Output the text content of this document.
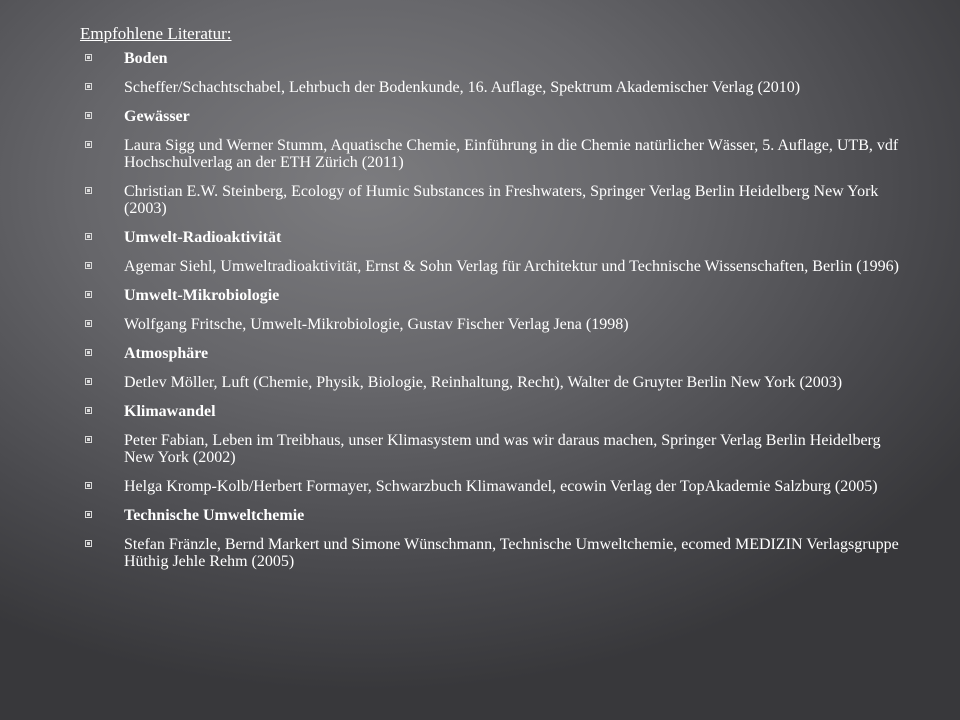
Empfohlene Literatur:
Boden
Scheffer/Schachtschabel, Lehrbuch der Bodenkunde, 16. Auflage, Spektrum Akademischer Verlag (2010)
Gewässer
Laura Sigg und Werner Stumm, Aquatische Chemie, Einführung in die Chemie natürlicher Wässer, 5. Auflage, UTB, vdf Hochschulverlag an der ETH Zürich (2011)
Christian E.W. Steinberg, Ecology of Humic Substances in Freshwaters, Springer Verlag Berlin Heidelberg New York (2003)
Umwelt-Radioaktivität
Agemar Siehl, Umweltradioaktivität, Ernst & Sohn Verlag für Architektur und Technische Wissenschaften, Berlin (1996)
Umwelt-Mikrobiologie
Wolfgang Fritsche, Umwelt-Mikrobiologie, Gustav Fischer Verlag Jena (1998)
Atmosphäre
Detlev Möller, Luft (Chemie, Physik, Biologie, Reinhaltung, Recht), Walter de Gruyter Berlin New York (2003)
Klimawandel
Peter Fabian, Leben im Treibhaus, unser Klimasystem und was wir daraus machen, Springer Verlag Berlin Heidelberg New York (2002)
Helga Kromp-Kolb/Herbert Formayer, Schwarzbuch Klimawandel, ecowin Verlag der TopAkademie Salzburg (2005)
Technische Umweltchemie
Stefan Fränzle, Bernd Markert und Simone Wünschmann, Technische Umweltchemie, ecomed MEDIZIN Verlagsgruppe Hüthig Jehle Rehm (2005)
